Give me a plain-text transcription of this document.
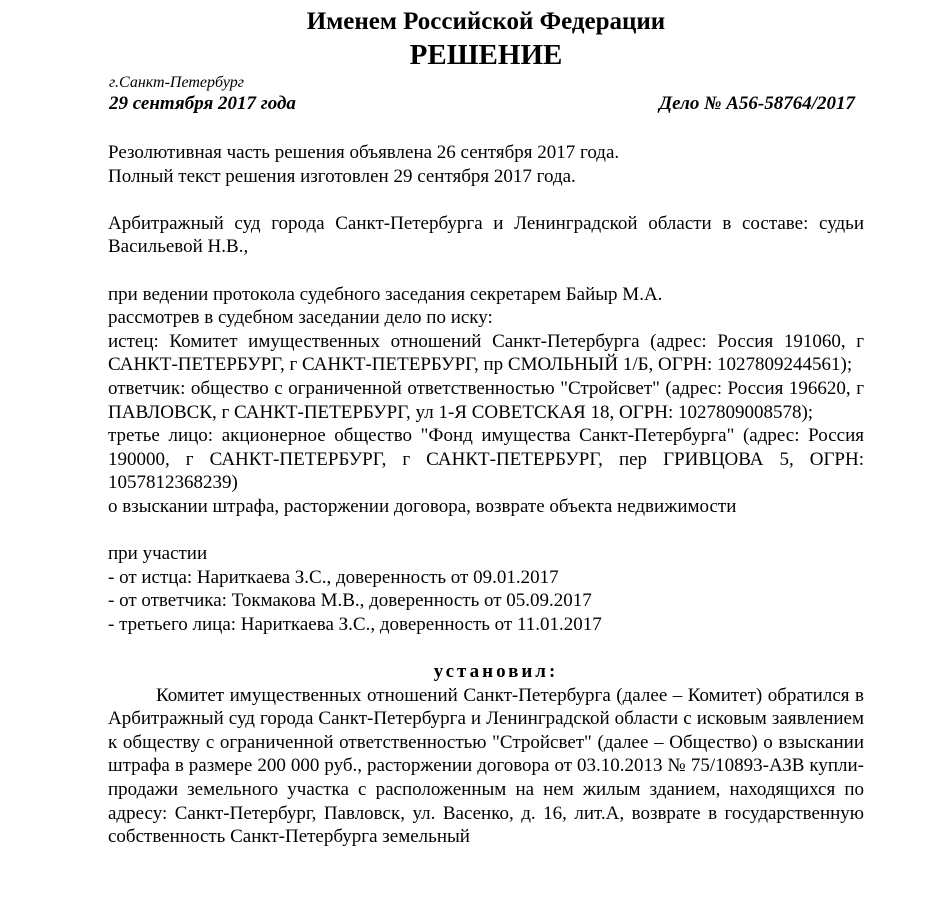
Именем Российской Федерации
РЕШЕНИЕ
г.Санкт-Петербург
29 сентября 2017 года	Дело № А56-58764/2017

Резолютивная часть решения объявлена 26 сентября 2017 года.

Полный текст решения изготовлен 29 сентября 2017 года.

Арбитражный суд города Санкт-Петербурга и Ленинградской области в составе: судьи Васильевой Н.В.,

при ведении протокола судебного заседания секретарем Байыр М.А.

рассмотрев в судебном заседании дело по иску:

истец: Комитет имущественных отношений Санкт-Петербурга (адрес: Россия 191060, г САНКТ-ПЕТЕРБУРГ, г САНКТ-ПЕТЕРБУРГ, пр СМОЛЬНЫЙ 1/Б, ОГРН: 1027809244561);

ответчик: общество с ограниченной ответственностью "Стройсвет" (адрес: Россия 196620, г ПАВЛОВСК, г САНКТ-ПЕТЕРБУРГ, ул 1-Я СОВЕТСКАЯ 18, ОГРН: 1027809008578);

третье лицо: акционерное общество "Фонд имущества Санкт-Петербурга" (адрес: Россия 190000, г САНКТ-ПЕТЕРБУРГ, г САНКТ-ПЕТЕРБУРГ, пер ГРИВЦОВА 5, ОГРН: 1057812368239)

о взыскании штрафа, расторжении договора, возврате объекта недвижимости

при участии

- от истца: Нариткаева З.С., доверенность от 09.01.2017

- от ответчика: Токмакова М.В., доверенность от 05.09.2017

- третьего лица: Нариткаева З.С., доверенность от 11.01.2017

установил:

Комитет имущественных отношений Санкт-Петербурга (далее – Комитет) обратился в Арбитражный суд города Санкт-Петербурга и Ленинградской области с исковым заявлением к обществу с ограниченной ответственностью "Стройсвет" (далее – Общество) о взыскании штрафа в размере 200 000 руб., расторжении договора от 03.10.2013 № 75/10893-АЗВ купли-продажи земельного участка с расположенным на нем жилым зданием, находящихся по адресу: Санкт-Петербург, Павловск, ул. Васенко, д. 16, лит.А, возврате в государственную собственность Санкт-Петербурга земельный
